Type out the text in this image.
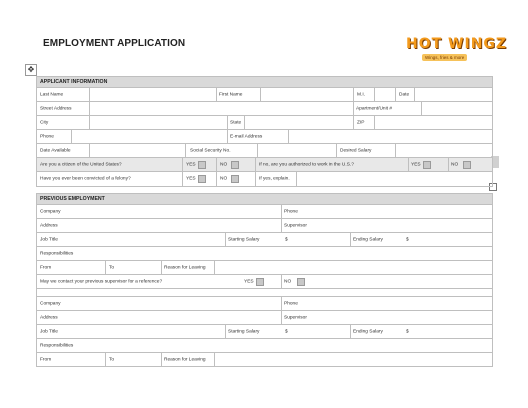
EMPLOYMENT APPLICATION	HOT WINGZ
Wings, fries & more
✥
APPLICANT INFORMATION
Last Name	First Name	M.I.	Date
Street Address	Apartment/Unit #
City	State	ZIP
Phone	E-mail Address
Date Available	Social Security No.	Desired Salary
Are you a citizen of the United States?	YES	NO	If no, are you authorized to work in the U.S.?	YES	NO
Have you ever been convicted of a felony?	YES	NO	If yes, explain.
PREVIOUS EMPLOYMENT
Company	Phone
Address	Supervisor
Job Title	Starting Salary	$	Ending Salary	$
Responsibilities
From	To	Reason for Leaving
May we contact your previous supervisor for a reference?	YES	NO
Company	Phone
Address	Supervisor
Job Title	Starting Salary	$	Ending Salary	$
Responsibilities
From	To	Reason for Leaving
